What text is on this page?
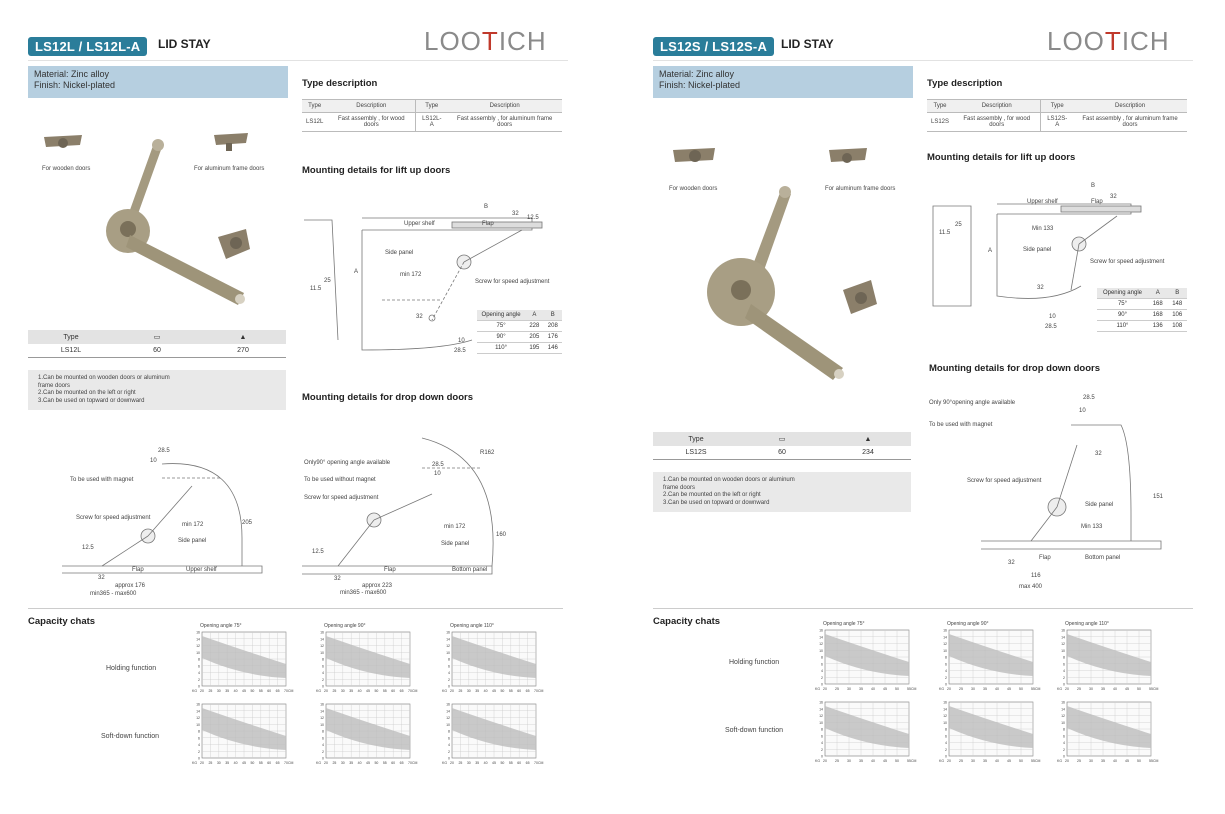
LS12L / LS12L-A	LID STAY	LOOTICH
Material: Zinc alloy
Finish: Nickel-plated
For wooden doors	For aluminum frame doors
Type	▭	▲
LS12L	60	270
1.Can be mounted on wooden doors or aluminum
frame doors
2.Can be mounted on the left or right
3.Can be used on topward or downward
Type description
Type	Description	Type	Description
LS12L	Fast assembly , for wood doors	LS12L-A	Fast assembly , for aluminum frame doors
Mounting details for lift up doors
Upper shelf	Flap
B
32
12.5
Side panel
A	min 172
Screw for speed adjustment
25
11.5
32
10
28.5
Opening angle	A	B
75°	228	208
90°	205	176
110°	195	146
Mounting details for drop down doors
To be used with magnet
Screw for speed adjustment
28.5
10
min 172
Side panel
205
12.5
Flap	Upper shelf
32
approx 176
min365 - max600
Only90° opening angle available
To be used without magnet
Screw for speed adjustment
28.5
10
R162
min 172
Side panel
160
12.5
Flap	Bottom panel
32
approx 223
min365 - max600
Capacity chats
Holding function
Soft-down function
Opening angle 75°	Opening angle 90°	Opening angle 110°
16
14
12
10
8
6
4
2
0
20 25 30 35 40 45 50 55 60 65 70
KG	CM
16
14
12
10
8
6
4
2
0
20 25 30 35 40 45 50 55 60 65 70
KG	CM
16
14
12
10
8
6
4
2
0
20 25 30 35 40 45 50 55 60 65 70
KG	CM
16
14
12
10
8
6
4
2
0
20 25 30 35 40 45 50 55 60 65 70
KG	CM
16
14
12
10
8
6
4
2
0
20 25 30 35 40 45 50 55 60 65 70
KG	CM
16
14
12
10
8
6
4
2
0
20 25 30 35 40 45 50 55 60 65 70
KG	CM
LS12S / LS12S-A	LID STAY	LOOTICH
Material: Zinc alloy
Finish: Nickel-plated
For wooden doors	For aluminum frame doors
Type	▭	▲
LS12S	60	234
1.Can be mounted on wooden doors or aluminum
frame doors
2.Can be mounted on the left or right
3.Can be used on topward or downward
Type description
Type	Description	Type	Description
LS12S	Fast assembly , for wood doors	LS12S-A	Fast assembly , for aluminum frame doors
Mounting details for lift up doors
Upper shelf	Flap
B
32
Min 133
Side panel
A
Screw for speed adjustment
25
11.5
32
10
28.5
Opening angle	A	B
75°	168	148
90°	168	106
110°	136	108
Mounting details for drop down doors
Only 90°opening angle available
To be used with magnet
Screw for speed adjustment
28.5
10
32
Side panel
Min 133
151
Flap	Bottom panel
32
116
max 400
Capacity chats
Holding function
Soft-down function
Opening angle 75°	Opening angle 90°	Opening angle 110°
16
14
12
10
8
6
4
2
0
20 25 30 35 40 45 50 55
KG	CM
16
14
12
10
8
6
4
2
0
20 25 30 35 40 45 50 55
KG	CM
16
14
12
10
8
6
4
2
0
20 25 30 35 40 45 50 55
KG	CM
16
14
12
10
8
6
4
2
0
20 25 30 35 40 45 50 55
KG	CM
16
14
12
10
8
6
4
2
0
20 25 30 35 40 45 50 55
KG	CM
16
14
12
10
8
6
4
2
0
20 25 30 35 40 45 50 55
KG	CM
